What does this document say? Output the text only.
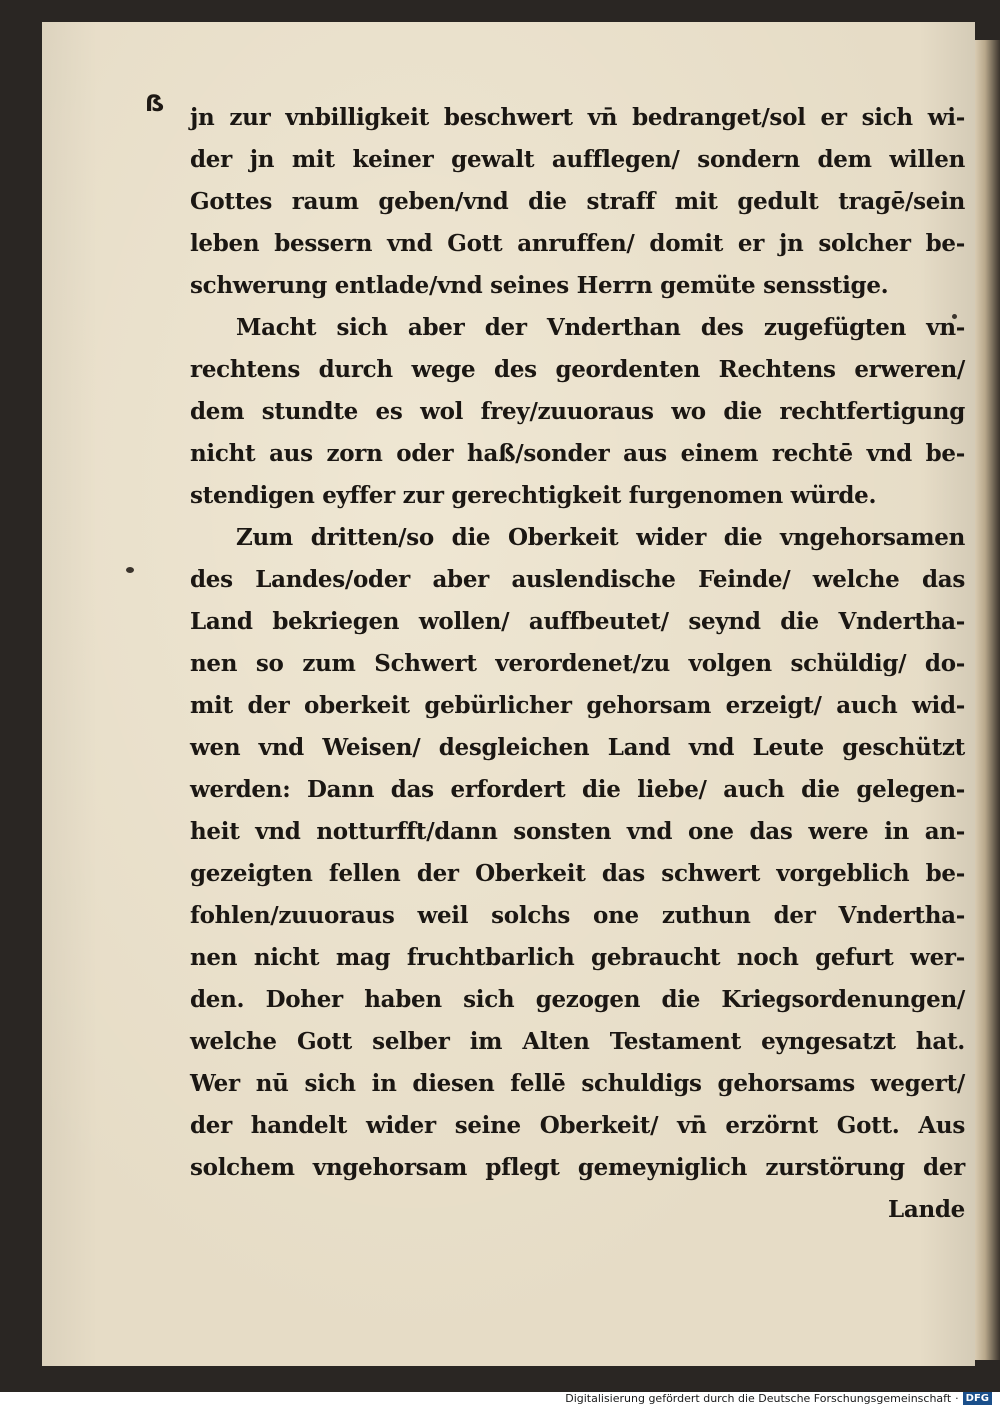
ẞ jn zur vnbilligkeit beschwert vn̄ bedranget/sol er sich wi-
der jn mit keiner gewalt aufflegen/ sondern dem willen
Gottes raum geben/vnd die straff mit gedult tragē/sein
leben bessern vnd Gott anruffen/ domit er jn solcher be-
schwerung entlade/vnd seines Herrn gemüte sensstige.
Macht sich aber der Vnderthan des zugefügten vn-
rechtens durch wege des geordenten Rechtens erweren/
dem stundte es wol frey/zuuoraus wo die rechtfertigung
nicht aus zorn oder haß/sonder aus einem rechtē vnd be-
stendigen eyffer zur gerechtigkeit furgenomen würde.
Zum dritten/so die Oberkeit wider die vngehorsamen
des Landes/oder aber auslendische Feinde/ welche das
Land bekriegen wollen/ auffbeutet/ seynd die Vndertha-
nen so zum Schwert verordenet/zu volgen schüldig/ do-
mit der oberkeit gebürlicher gehorsam erzeigt/ auch wid-
wen vnd Weisen/ desgleichen Land vnd Leute geschützt
werden: Dann das erfordert die liebe/ auch die gelegen-
heit vnd notturfft/dann sonsten vnd one das were in an-
gezeigten fellen der Oberkeit das schwert vorgeblich be-
fohlen/zuuoraus weil solchs one zuthun der Vndertha-
nen nicht mag fruchtbarlich gebraucht noch gefurt wer-
den. Doher haben sich gezogen die Kriegsordenungen/
welche Gott selber im Alten Testament eyngesatzt hat.
Wer nū sich in diesen fellē schuldigs gehorsams wegert/
der handelt wider seine Oberkeit/ vn̄ erzörnt Gott. Aus
solchem vngehorsam pflegt gemeyniglich zurstörung der
Lande
Digitalisierung gefördert durch die Deutsche Forschungsgemeinschaft · DFG
